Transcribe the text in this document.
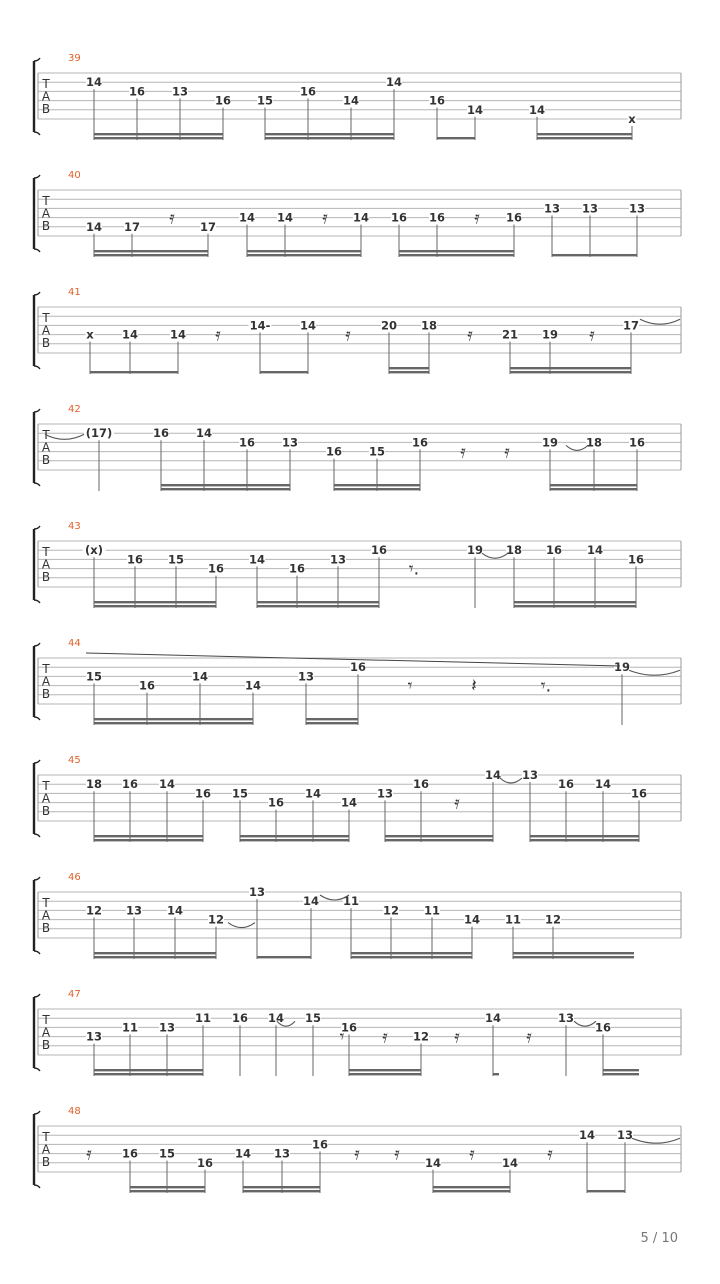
T
A
B
39
14
16 13
16 15
16
14
14
16
14	14
x
T
A
B
40
14 17	17
14 14	14 16 16	16
13 13	13
𝄿	𝄿	𝄿
T
A
B
41
x 14	14
14-	14	20 18
21 19
17
𝄿	𝄿	𝄿	𝄿
T
A
B
42
(17)	16 14
16 13
16 15
16	19 18 16
𝄿 𝄿
T
A
B
43
(x)
16 15
16
14
16
13
16	19 18 16 14
16
𝄾.
T
A
B
44
15
16
14
14
13
16	19
𝄾	𝄽	𝄾.
T
A
B
45
18 16 14
16 15
16
14
14
13
16
14 13
16 14
16
𝄿
T
A
B
46
12 13 14
12
13
14 11
12 11
14 11 12
T
A
B
47
13
11 13
11 16 14 15
16
12
14	13
16
𝄾 𝄿	𝄿	𝄿
T
A
B
48
16 15
16
14 13
16
14	14
14 13
𝄿	𝄿 𝄿	𝄿	𝄿
5 / 10
